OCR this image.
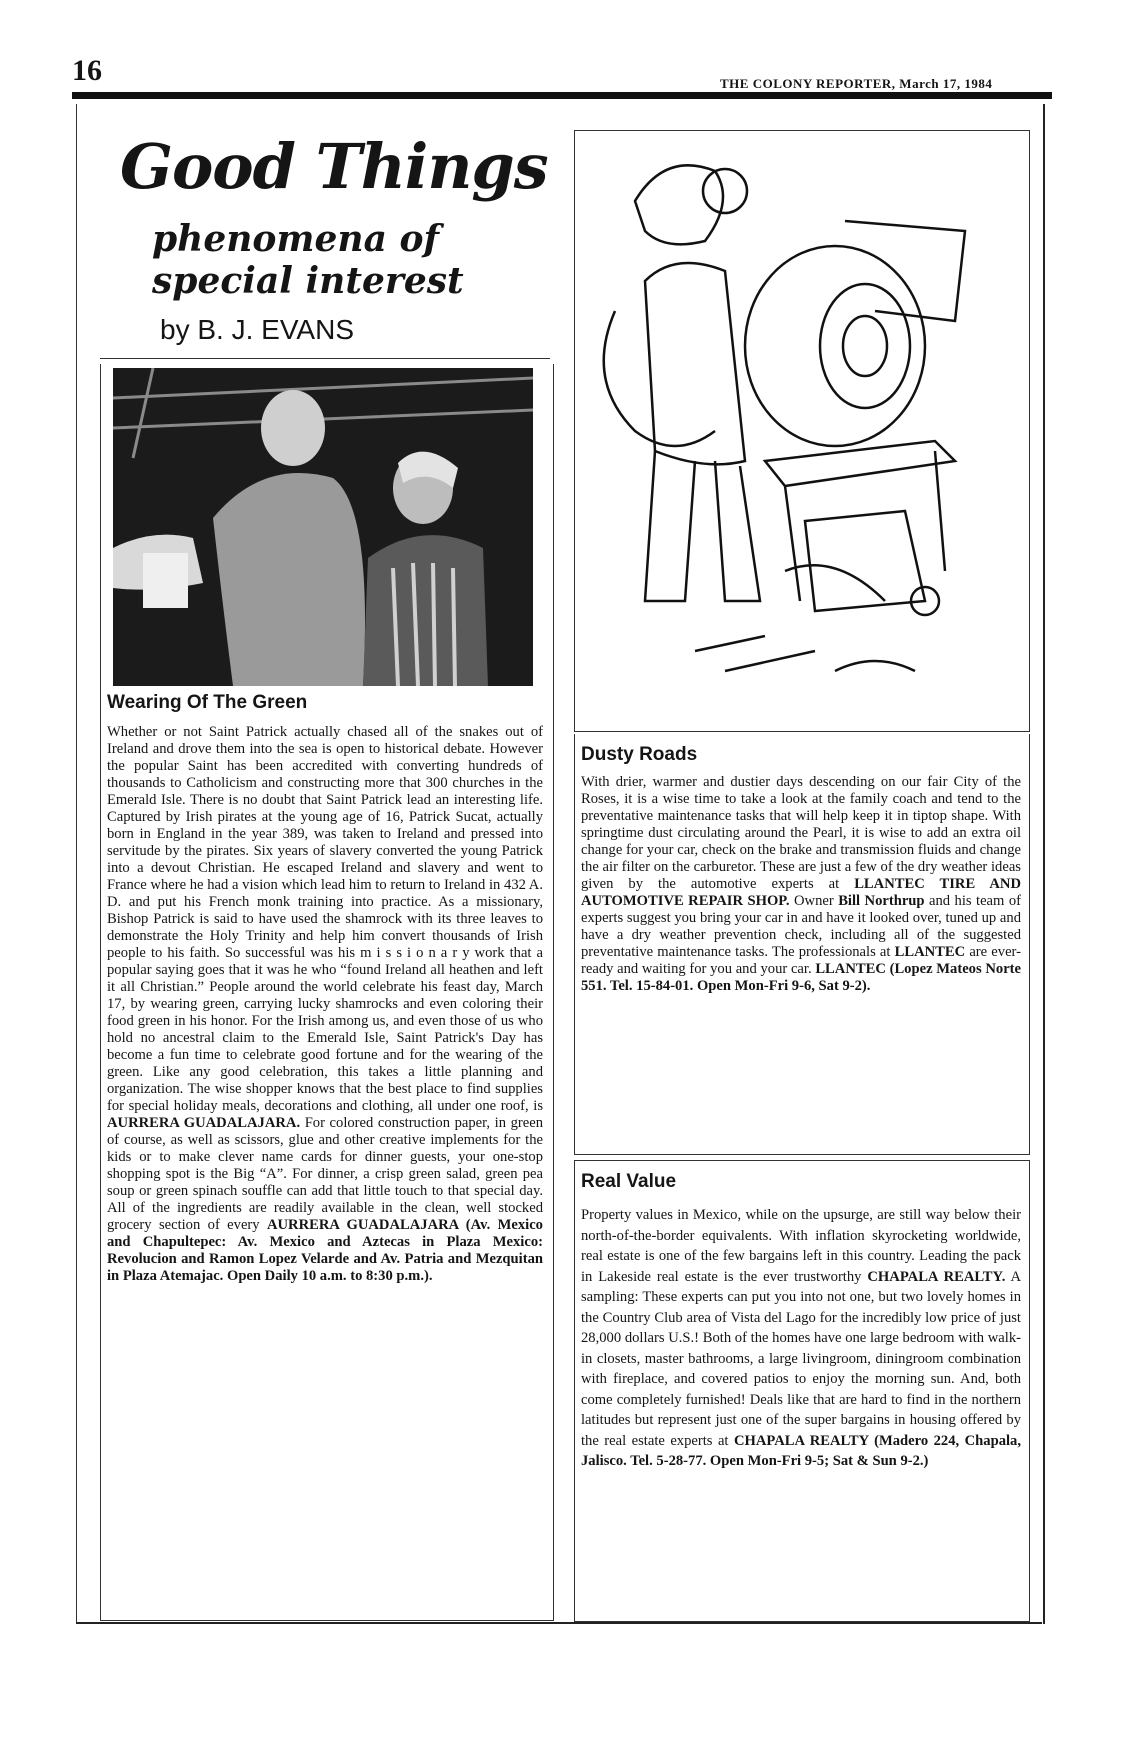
16	THE COLONY REPORTER, March 17, 1984
Good Things
phenomena of
special interest
by B. J. EVANS
Wearing Of The Green

Whether or not Saint Patrick actually chased all of the snakes out of Ireland and drove them into the sea is open to historical debate. However the popular Saint has been accredited with converting hundreds of thousands to Catholicism and constructing more that 300 churches in the Emerald Isle. There is no doubt that Saint Patrick lead an interesting life. Captured by Irish pirates at the young age of 16, Patrick Sucat, actually born in England in the year 389, was taken to Ireland and pressed into servitude by the pirates. Six years of slavery converted the young Patrick into a devout Christian. He escaped Ireland and slavery and went to France where he had a vision which lead him to return to Ireland in 432 A. D. and put his French monk training into practice. As a missionary, Bishop Patrick is said to have used the shamrock with its three leaves to demonstrate the Holy Trinity and help him convert thousands of Irish people to his faith. So successful was his m i s s i o n a r y work that a popular saying goes that it was he who “found Ireland all heathen and left it all Christian.” People around the world celebrate his feast day, March 17, by wearing green, carrying lucky shamrocks and even coloring their food green in his honor. For the Irish among us, and even those of us who hold no ancestral claim to the Emerald Isle, Saint Patrick's Day has become a fun time to celebrate good fortune and for the wearing of the green. Like any good celebration, this takes a little planning and organization. The wise shopper knows that the best place to find supplies for special holiday meals, decorations and clothing, all under one roof, is AURRERA GUADALAJARA. For colored construction paper, in green of course, as well as scissors, glue and other creative implements for the kids or to make clever name cards for dinner guests, your one-stop shopping spot is the Big “A”. For dinner, a crisp green salad, green pea soup or green spinach souffle can add that little touch to that special day. All of the ingredients are readily available in the clean, well stocked grocery section of every AURRERA GUADALAJARA (Av. Mexico and Chapultepec: Av. Mexico and Aztecas in Plaza Mexico: Revolucion and Ramon Lopez Velarde and Av. Patria and Mezquitan in Plaza Atemajac. Open Daily 10 a.m. to 8:30 p.m.).

Dusty Roads

With drier, warmer and dustier days descending on our fair City of the Roses, it is a wise time to take a look at the family coach and tend to the preventative maintenance tasks that will help keep it in tiptop shape. With springtime dust circulating around the Pearl, it is wise to add an extra oil change for your car, check on the brake and transmission fluids and change the air filter on the carburetor. These are just a few of the dry weather ideas given by the automotive experts at LLANTEC TIRE AND AUTOMOTIVE REPAIR SHOP. Owner Bill Northrup and his team of experts suggest you bring your car in and have it looked over, tuned up and have a dry weather prevention check, including all of the suggested preventative maintenance tasks. The professionals at LLANTEC are ever-ready and waiting for you and your car. LLANTEC (Lopez Mateos Norte 551. Tel. 15-84-01. Open Mon-Fri 9-6, Sat 9-2).

Real Value

Property values in Mexico, while on the upsurge, are still way below their north-of-the-border equivalents. With inflation skyrocketing worldwide, real estate is one of the few bargains left in this country. Leading the pack in Lakeside real estate is the ever trustworthy CHAPALA REALTY. A sampling: These experts can put you into not one, but two lovely homes in the Country Club area of Vista del Lago for the incredibly low price of just 28,000 dollars U.S.! Both of the homes have one large bedroom with walk-in closets, master bathrooms, a large livingroom, diningroom combination with fireplace, and covered patios to enjoy the morning sun. And, both come completely furnished! Deals like that are hard to find in the northern latitudes but represent just one of the super bargains in housing offered by the real estate experts at CHAPALA REALTY (Madero 224, Chapala, Jalisco. Tel. 5-28-77. Open Mon-Fri 9-5; Sat & Sun 9-2.)
